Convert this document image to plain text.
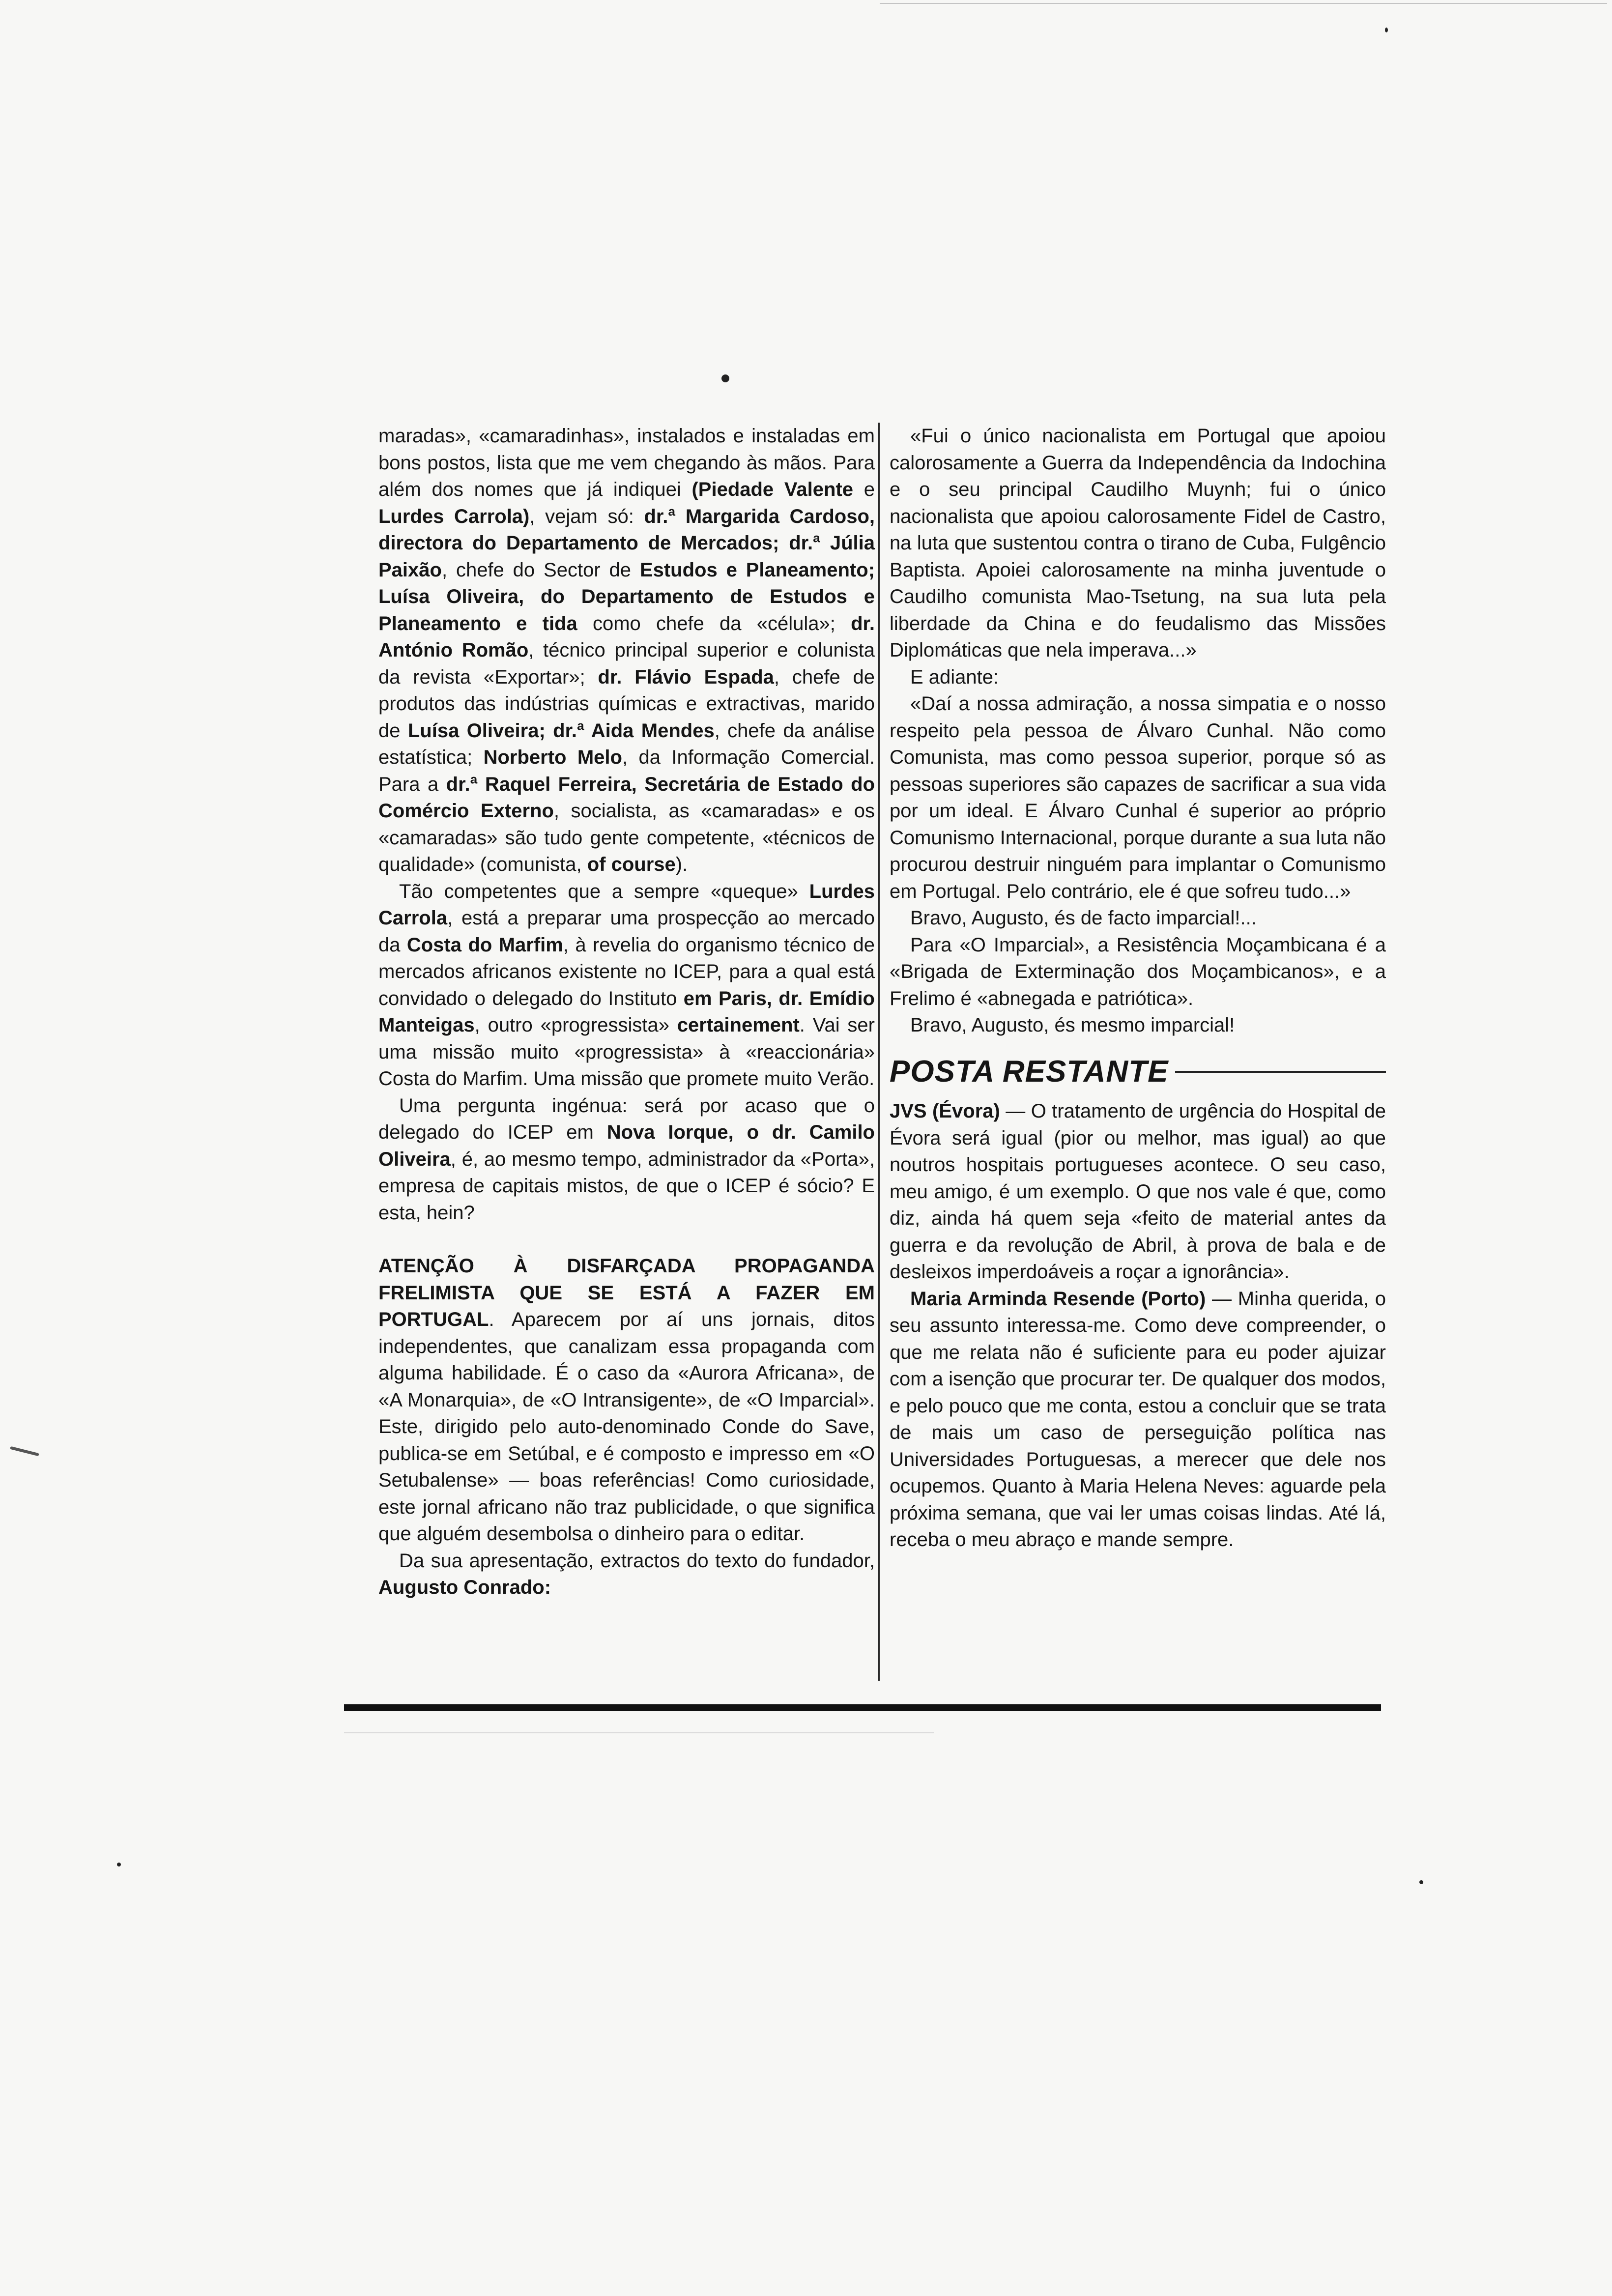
maradas», «camaradinhas», instalados e instaladas em bons postos, lista que me vem chegando às mãos. Para além dos nomes que já indiquei (Piedade Valente e Lurdes Carrola), vejam só: dr.ª Margarida Cardoso, directora do Departamento de Mercados; dr.ª Júlia Paixão, chefe do Sector de Estudos e Planeamento; Luísa Oliveira, do Departamento de Estudos e Planeamento e tida como chefe da «célula»; dr. António Romão, técnico principal superior e colunista da revista «Exportar»; dr. Flávio Espada, chefe de produtos das indústrias químicas e extractivas, marido de Luísa Oliveira; dr.ª Aida Mendes, chefe da análise estatística; Norberto Melo, da Informação Comercial. Para a dr.ª Raquel Ferreira, Secretária de Estado do Comércio Externo, socialista, as «camaradas» e os «camaradas» são tudo gente competente, «técnicos de qualidade» (comunista, of course).

Tão competentes que a sempre «queque» Lurdes Carrola, está a preparar uma prospecção ao mercado da Costa do Marfim, à revelia do organismo técnico de mercados africanos existente no ICEP, para a qual está convidado o delegado do Instituto em Paris, dr. Emídio Manteigas, outro «progressista» certainement. Vai ser uma missão muito «progressista» à «reaccionária» Costa do Marfim. Uma missão que promete muito Verão.

Uma pergunta ingénua: será por acaso que o delegado do ICEP em Nova Iorque, o dr. Camilo Oliveira, é, ao mesmo tempo, administrador da «Porta», empresa de capitais mistos, de que o ICEP é sócio? E esta, hein?

ATENÇÃO À DISFARÇADA PROPAGANDA FRELIMISTA QUE SE ESTÁ A FAZER EM PORTUGAL. Aparecem por aí uns jornais, ditos independentes, que canalizam essa propaganda com alguma habilidade. É o caso da «Aurora Africana», de «A Monarquia», de «O Intransigente», de «O Imparcial». Este, dirigido pelo auto-denominado Conde do Save, publica-se em Setúbal, e é composto e impresso em «O Setubalense» — boas referências! Como curiosidade, este jornal africano não traz publicidade, o que significa que alguém desembolsa o dinheiro para o editar.

Da sua apresentação, extractos do texto do fundador, Augusto Conrado:

«Fui o único nacionalista em Portugal que apoiou calorosamente a Guerra da Independência da Indochina e o seu principal Caudilho Muynh; fui o único nacionalista que apoiou calorosamente Fidel de Castro, na luta que sustentou contra o tirano de Cuba, Fulgêncio Baptista. Apoiei calorosamente na minha juventude o Caudilho comunista Mao-Tsetung, na sua luta pela liberdade da China e do feudalismo das Missões Diplomáticas que nela imperava...»

E adiante:

«Daí a nossa admiração, a nossa simpatia e o nosso respeito pela pessoa de Álvaro Cunhal. Não como Comunista, mas como pessoa superior, porque só as pessoas superiores são capazes de sacrificar a sua vida por um ideal. E Álvaro Cunhal é superior ao próprio Comunismo Internacional, porque durante a sua luta não procurou destruir ninguém para implantar o Comunismo em Portugal. Pelo contrário, ele é que sofreu tudo...»

Bravo, Augusto, és de facto imparcial!...

Para «O Imparcial», a Resistência Moçambicana é a «Brigada de Exterminação dos Moçambicanos», e a Frelimo é «abnegada e patriótica».

Bravo, Augusto, és mesmo imparcial!

POSTA RESTANTE

JVS (Évora) — O tratamento de urgência do Hospital de Évora será igual (pior ou melhor, mas igual) ao que noutros hospitais portugueses acontece. O seu caso, meu amigo, é um exemplo. O que nos vale é que, como diz, ainda há quem seja «feito de material antes da guerra e da revolução de Abril, à prova de bala e de desleixos imperdoáveis a roçar a ignorância».

Maria Arminda Resende (Porto) — Minha querida, o seu assunto interessa-me. Como deve compreender, o que me relata não é suficiente para eu poder ajuizar com a isenção que procurar ter. De qualquer dos modos, e pelo pouco que me conta, estou a concluir que se trata de mais um caso de perseguição política nas Universidades Portuguesas, a merecer que dele nos ocupemos. Quanto à Maria Helena Neves: aguarde pela próxima semana, que vai ler umas coisas lindas. Até lá, receba o meu abraço e mande sempre.
